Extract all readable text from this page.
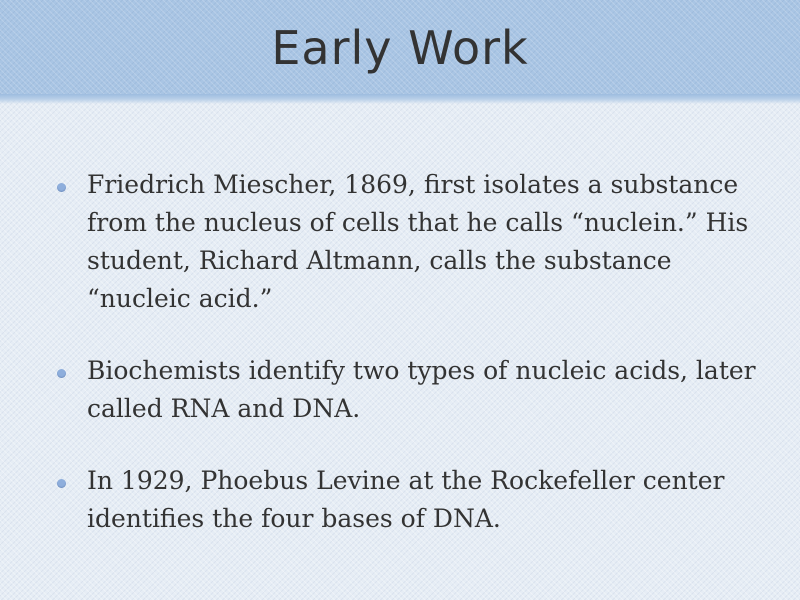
Early Work
Friedrich Miescher, 1869, first isolates a substance from the nucleus of cells that he calls “nuclein.” His student, Richard Altmann, calls the substance “nucleic acid.”
Biochemists identify two types of nucleic acids, later called RNA and DNA.
In 1929, Phoebus Levine at the Rockefeller center identifies the four bases of DNA.
